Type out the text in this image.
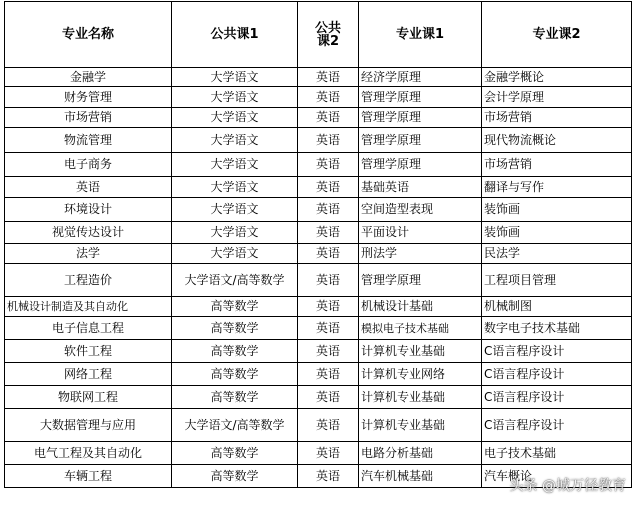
专业名称	公共课1	公共课2	专业课1	专业课2
金融学	大学语文	英语	经济学原理	金融学概论
财务管理	大学语文	英语	管理学原理	会计学原理
市场营销	大学语文	英语	管理学原理	市场营销
物流管理	大学语文	英语	管理学原理	现代物流概论
电子商务	大学语文	英语	管理学原理	市场营销
英语	大学语文	英语	基础英语	翻译与写作
环境设计	大学语文	英语	空间造型表现	装饰画
视觉传达设计	大学语文	英语	平面设计	装饰画
法学	大学语文	英语	刑法学	民法学
工程造价	大学语文/高等数学	英语	管理学原理	工程项目管理
机械设计制造及其自动化	高等数学	英语	机械设计基础	机械制图
电子信息工程	高等数学	英语	模拟电子技术基础	数字电子技术基础
软件工程	高等数学	英语	计算机专业基础	C语言程序设计
网络工程	高等数学	英语	计算机专业网络	C语言程序设计
物联网工程	高等数学	英语	计算机专业基础	C语言程序设计
大数据管理与应用	大学语文/高等数学	英语	计算机专业基础	C语言程序设计
电气工程及其自动化	高等数学	英语	电路分析基础	电子技术基础
车辆工程	高等数学	英语	汽车机械基础	汽车概论
头条 @城万径教育
